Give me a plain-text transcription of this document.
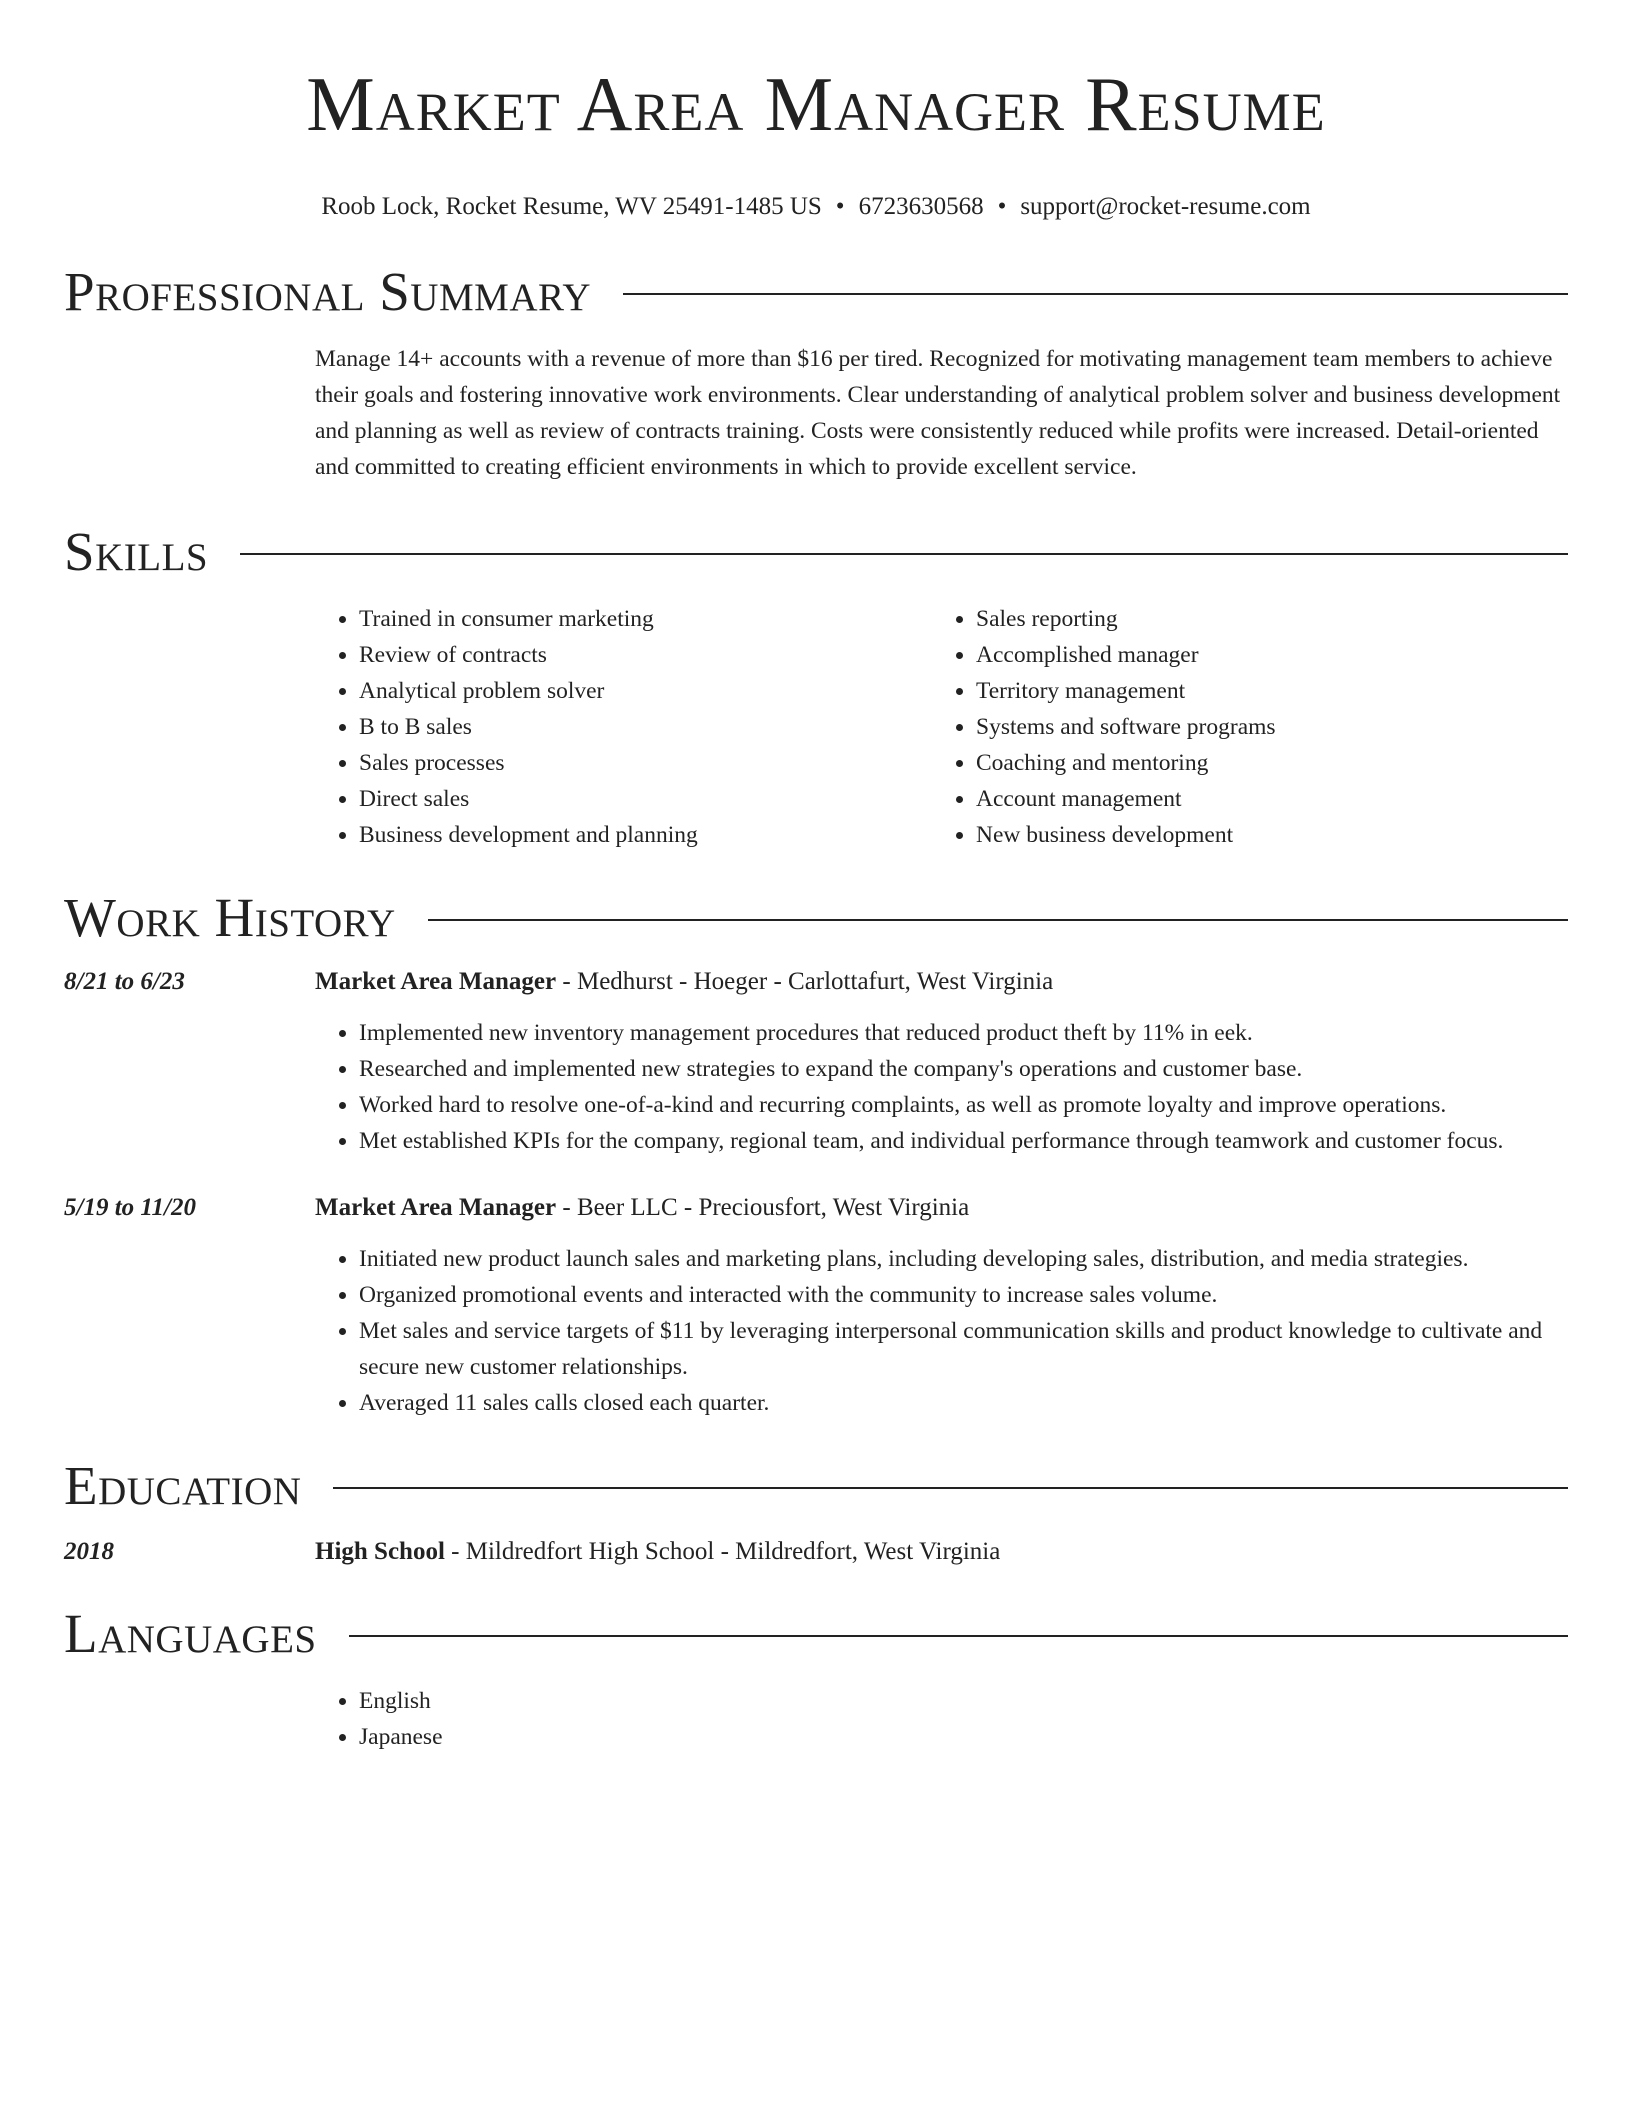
Market Area Manager Resume
Roob Lock, Rocket Resume, WV 25491-1485 US • 6723630568 • support@rocket-resume.com
Professional Summary

Manage 14+ accounts with a revenue of more than $16 per tired. Recognized for motivating management team members to achieve their goals and fostering innovative work environments. Clear understanding of analytical problem solver and business development and planning as well as review of contracts training. Costs were consistently reduced while profits were increased. Detail-oriented and committed to creating efficient environments in which to provide excellent service.

Skills
• Trained in consumer marketing
• Review of contracts
• Analytical problem solver
• B to B sales
• Sales processes
• Direct sales
• Business development and planning
• Sales reporting
• Accomplished manager
• Territory management
• Systems and software programs
• Coaching and mentoring
• Account management
• New business development
Work History
8/21 to 6/23	Market Area Manager - Medhurst - Hoeger - Carlottafurt, West Virginia
• Implemented new inventory management procedures that reduced product theft by 11% in eek.
• Researched and implemented new strategies to expand the company's operations and customer base.
• Worked hard to resolve one-of-a-kind and recurring complaints, as well as promote loyalty and improve operations.
• Met established KPIs for the company, regional team, and individual performance through teamwork and customer focus.
5/19 to 11/20	Market Area Manager - Beer LLC - Preciousfort, West Virginia
• Initiated new product launch sales and marketing plans, including developing sales, distribution, and media strategies.
• Organized promotional events and interacted with the community to increase sales volume.
• Met sales and service targets of $11 by leveraging interpersonal communication skills and product knowledge to cultivate and secure new customer relationships.
• Averaged 11 sales calls closed each quarter.
Education
2018	High School - Mildredfort High School - Mildredfort, West Virginia
Languages
• English
• Japanese
